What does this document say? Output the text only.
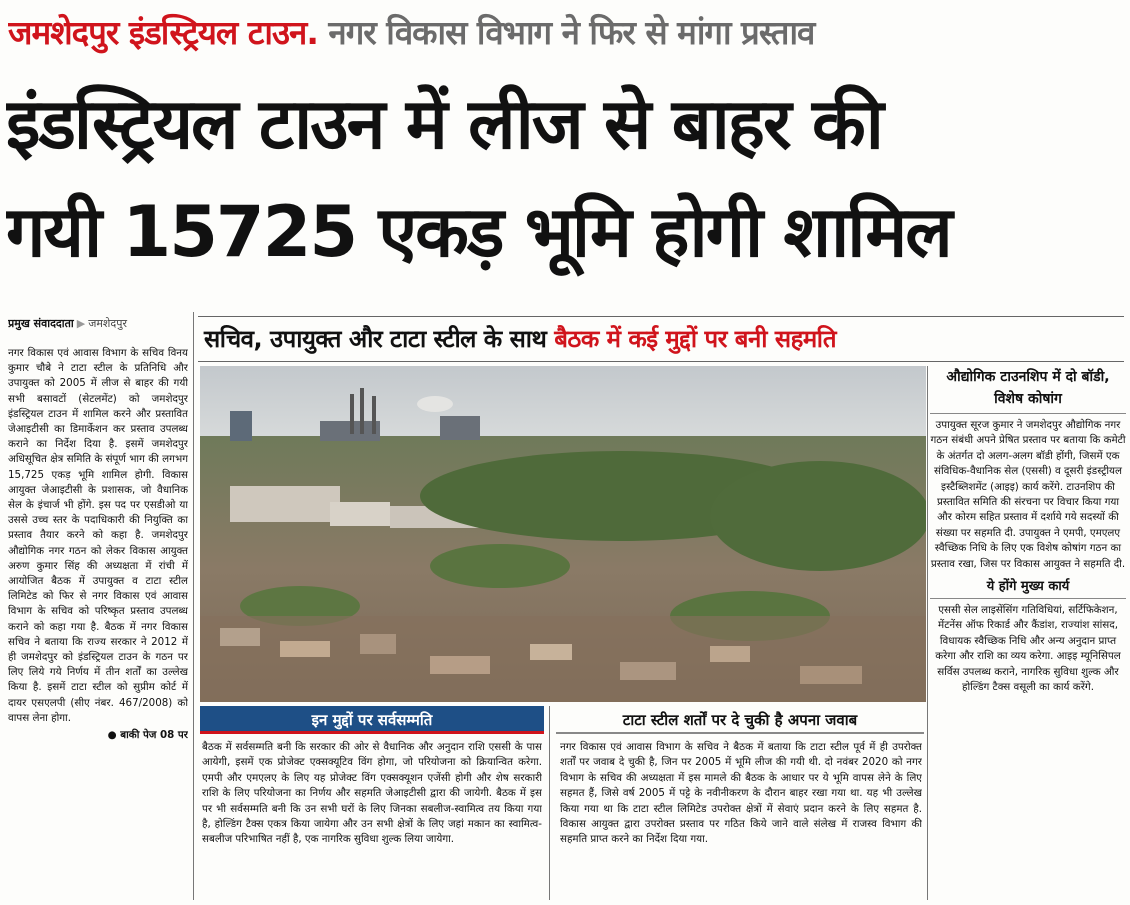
जमशेदपुर इंडस्ट्रियल टाउन. नगर विकास विभाग ने फिर से मांगा प्रस्ताव
इंडस्ट्रियल टाउन में लीज से बाहर की
गयी 15725 एकड़ भूमि होगी शामिल
प्रमुख संवाददाता ▶ जमशेदपुर
नगर विकास एवं आवास विभाग के सचिव विनय कुमार चौबे ने टाटा स्टील के प्रतिनिधि और उपायुक्त को 2005 में लीज से बाहर की गयी सभी बसावटों (सेटलमेंट) को जमशेदपुर इंडस्ट्रियल टाउन में शामिल करने और प्रस्तावित जेआइटीसी का डिमार्केशन कर प्रस्ताव उपलब्ध कराने का निर्देश दिया है. इसमें जमशेदपुर अधिसूचित क्षेत्र समिति के संपूर्ण भाग की लगभग 15,725 एकड़ भूमि शामिल होगी. विकास आयुक्त जेआइटीसी के प्रशासक, जो वैधानिक सेल के इंचार्ज भी होंगे. इस पद पर एसडीओ या उससे उच्च स्तर के पदाधिकारी की नियुक्ति का प्रस्ताव तैयार करने को कहा है. जमशेदपुर औद्योगिक नगर गठन को लेकर विकास आयुक्त अरुण कुमार सिंह की अध्यक्षता में रांची में आयोजित बैठक में उपायुक्त व टाटा स्टील लिमिटेड को फिर से नगर विकास एवं आवास विभाग के सचिव को परिष्कृत प्रस्ताव उपलब्ध कराने को कहा गया है. बैठक में नगर विकास सचिव ने बताया कि राज्य सरकार ने 2012 में ही जमशेदपुर को इंडस्ट्रियल टाउन के गठन पर लिए लिये गये निर्णय में तीन शर्तों का उल्लेख किया है. इसमें टाटा स्टील को सुप्रीम कोर्ट में दायर एसएलपी (सीए नंबर. 467/2008) को वापस लेना होगा.
● बाकी पेज 08 पर
सचिव, उपायुक्त और टाटा स्टील के साथ बैठक में कई मुद्दों पर बनी सहमति
औद्योगिक टाउनशिप में दो बॉडी, विशेष कोषांग

उपायुक्त सूरज कुमार ने जमशेदपुर औद्योगिक नगर गठन संबंधी अपने प्रेषित प्रस्ताव पर बताया कि कमेटी के अंतर्गत दो अलग-अलग बॉडी होंगी, जिसमें एक संविधिक-वैधानिक सेल (एससी) व दूसरी इंडस्ट्रीयल इस्टैब्लिशमेंट (आइइ) कार्य करेंगे. टाउनशिप की प्रस्तावित समिति की संरचना पर विचार किया गया और कोरम सहित प्रस्ताव में दर्शाये गये सदस्यों की संख्या पर सहमति दी. उपायुक्त ने एमपी, एमएलए स्वैच्छिक निधि के लिए एक विशेष कोषांग गठन का प्रस्ताव रखा, जिस पर विकास आयुक्त ने सहमति दी.

ये होंगे मुख्य कार्य

एससी सेल लाइसेंसिंग गतिविधियां, सर्टिफिकेशन, मेंटनेंस ऑफ रिकार्ड और कैंडांश, राज्यांश सांसद, विधायक स्वैच्छिक निधि और अन्य अनुदान प्राप्त करेगा और राशि का व्यय करेगा. आइइ म्यूनिसिपल सर्विस उपलब्ध कराने, नागरिक सुविधा शुल्क और होल्डिंग टैक्स वसूली का कार्य करेंगे.

इन मुद्दों पर सर्वसम्मति	टाटा स्टील शर्तों पर दे चुकी है अपना जवाब
बैठक में सर्वसम्मति बनी कि सरकार की ओर से वैधानिक और अनुदान राशि एससी के पास आयेगी, इसमें एक प्रोजेक्ट एक्सक्यूटिव विंग होगा, जो परियोजना को क्रियान्वित करेगा. एमपी और एमएलए के लिए यह प्रोजेक्ट विंग एक्सक्यूशन एजेंसी होगी और शेष सरकारी राशि के लिए परियोजना का निर्णय और सहमति जेआइटीसी द्वारा की जायेगी. बैठक में इस पर भी सर्वसम्मति बनी कि उन सभी घरों के लिए जिनका सबलीज-स्वामित्व तय किया गया है, होल्डिंग टैक्स एकत्र किया जायेगा और उन सभी क्षेत्रों के लिए जहां मकान का स्वामित्व-सबलीज परिभाषित नहीं है, एक नागरिक सुविधा शुल्क लिया जायेगा.
नगर विकास एवं आवास विभाग के सचिव ने बैठक में बताया कि टाटा स्टील पूर्व में ही उपरोक्त शर्तों पर जवाब दे चुकी है, जिन पर 2005 में भूमि लीज की गयी थी. दो नवंबर 2020 को नगर विभाग के सचिव की अध्यक्षता में इस मामले की बैठक के आधार पर ये भूमि वापस लेने के लिए सहमत हैं, जिसे वर्ष 2005 में पट्टे के नवीनीकरण के दौरान बाहर रखा गया था. यह भी उल्लेख किया गया था कि टाटा स्टील लिमिटेड उपरोक्त क्षेत्रों में सेवाएं प्रदान करने के लिए सहमत है. विकास आयुक्त द्वारा उपरोक्त प्रस्ताव पर गठित किये जाने वाले संलेख में राजस्व विभाग की सहमति प्राप्त करने का निर्देश दिया गया.
